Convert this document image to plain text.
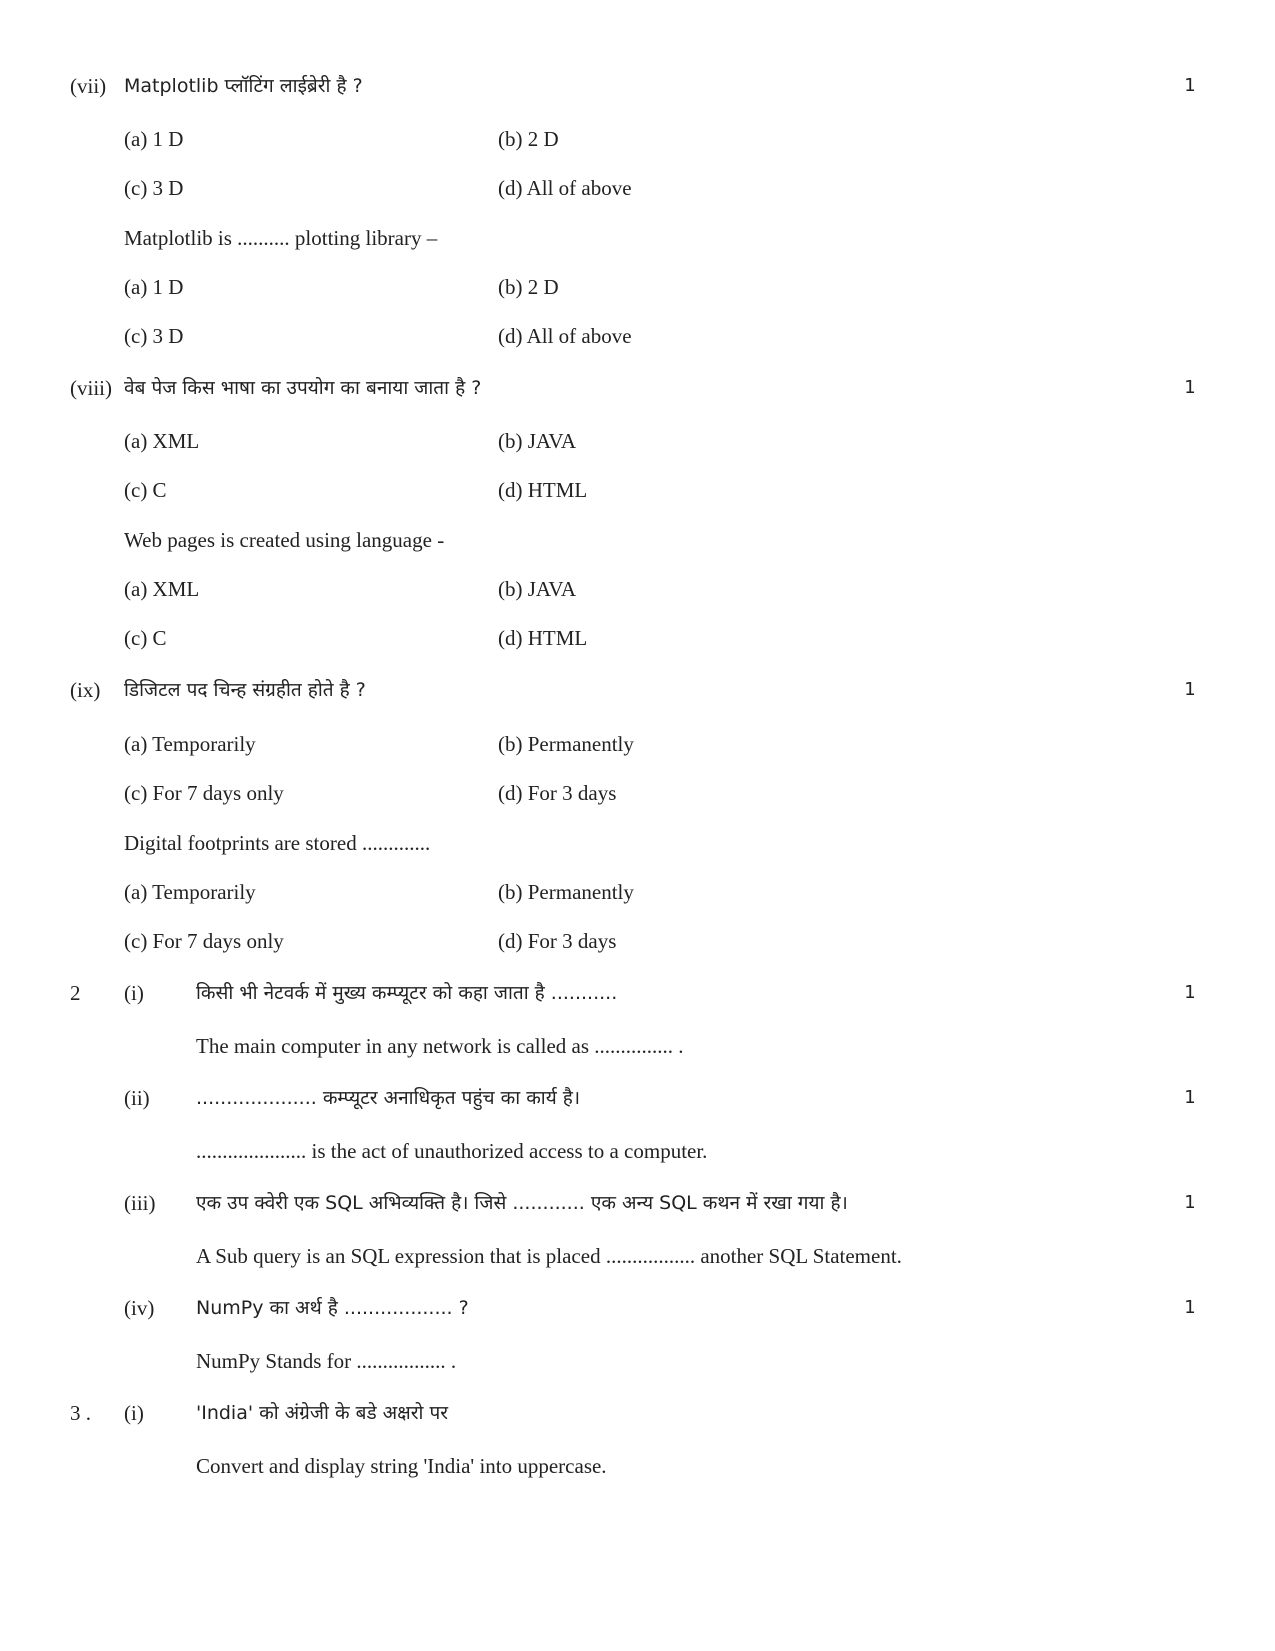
(vii) Matplotlib प्लॉटिंग लाईब्रेरी है ?	1
(a) 1 D	(b) 2 D
(c) 3 D	(d) All of above
Matplotlib is .......... plotting library –
(a) 1 D	(b) 2 D
(c) 3 D	(d) All of above
(viii) वेब पेज किस भाषा का उपयोग का बनाया जाता है ?	1
(a) XML	(b) JAVA
(c) C	(d) HTML
Web pages is created using language -
(a) XML	(b) JAVA
(c) C	(d) HTML
(ix) डिजिटल पद चिन्ह संग्रहीत होते है ?	1
(a) Temporarily	(b) Permanently
(c) For 7 days only	(d) For 3 days
Digital footprints are stored .............
(a) Temporarily	(b) Permanently
(c) For 7 days only	(d) For 3 days
2 (i)	किसी भी नेटवर्क में मुख्य कम्प्यूटर को कहा जाता है ...........	1
The main computer in any network is called as ............... .
(ii) .................... कम्प्यूटर अनाधिकृत पहुंच का कार्य है।	1
..................... is the act of unauthorized access to a computer.
(iii) एक उप क्वेरी एक SQL अभिव्यक्ति है। जिसे ............ एक अन्य SQL कथन में रखा गया है।	1
A Sub query is an SQL expression that is placed ................. another SQL Statement.
(iv) NumPy का अर्थ है .................. ?	1
NumPy Stands for ................. .
3 . (i)	'India' को अंग्रेजी के बडे अक्षरो पर
Convert and display string 'India' into uppercase.
